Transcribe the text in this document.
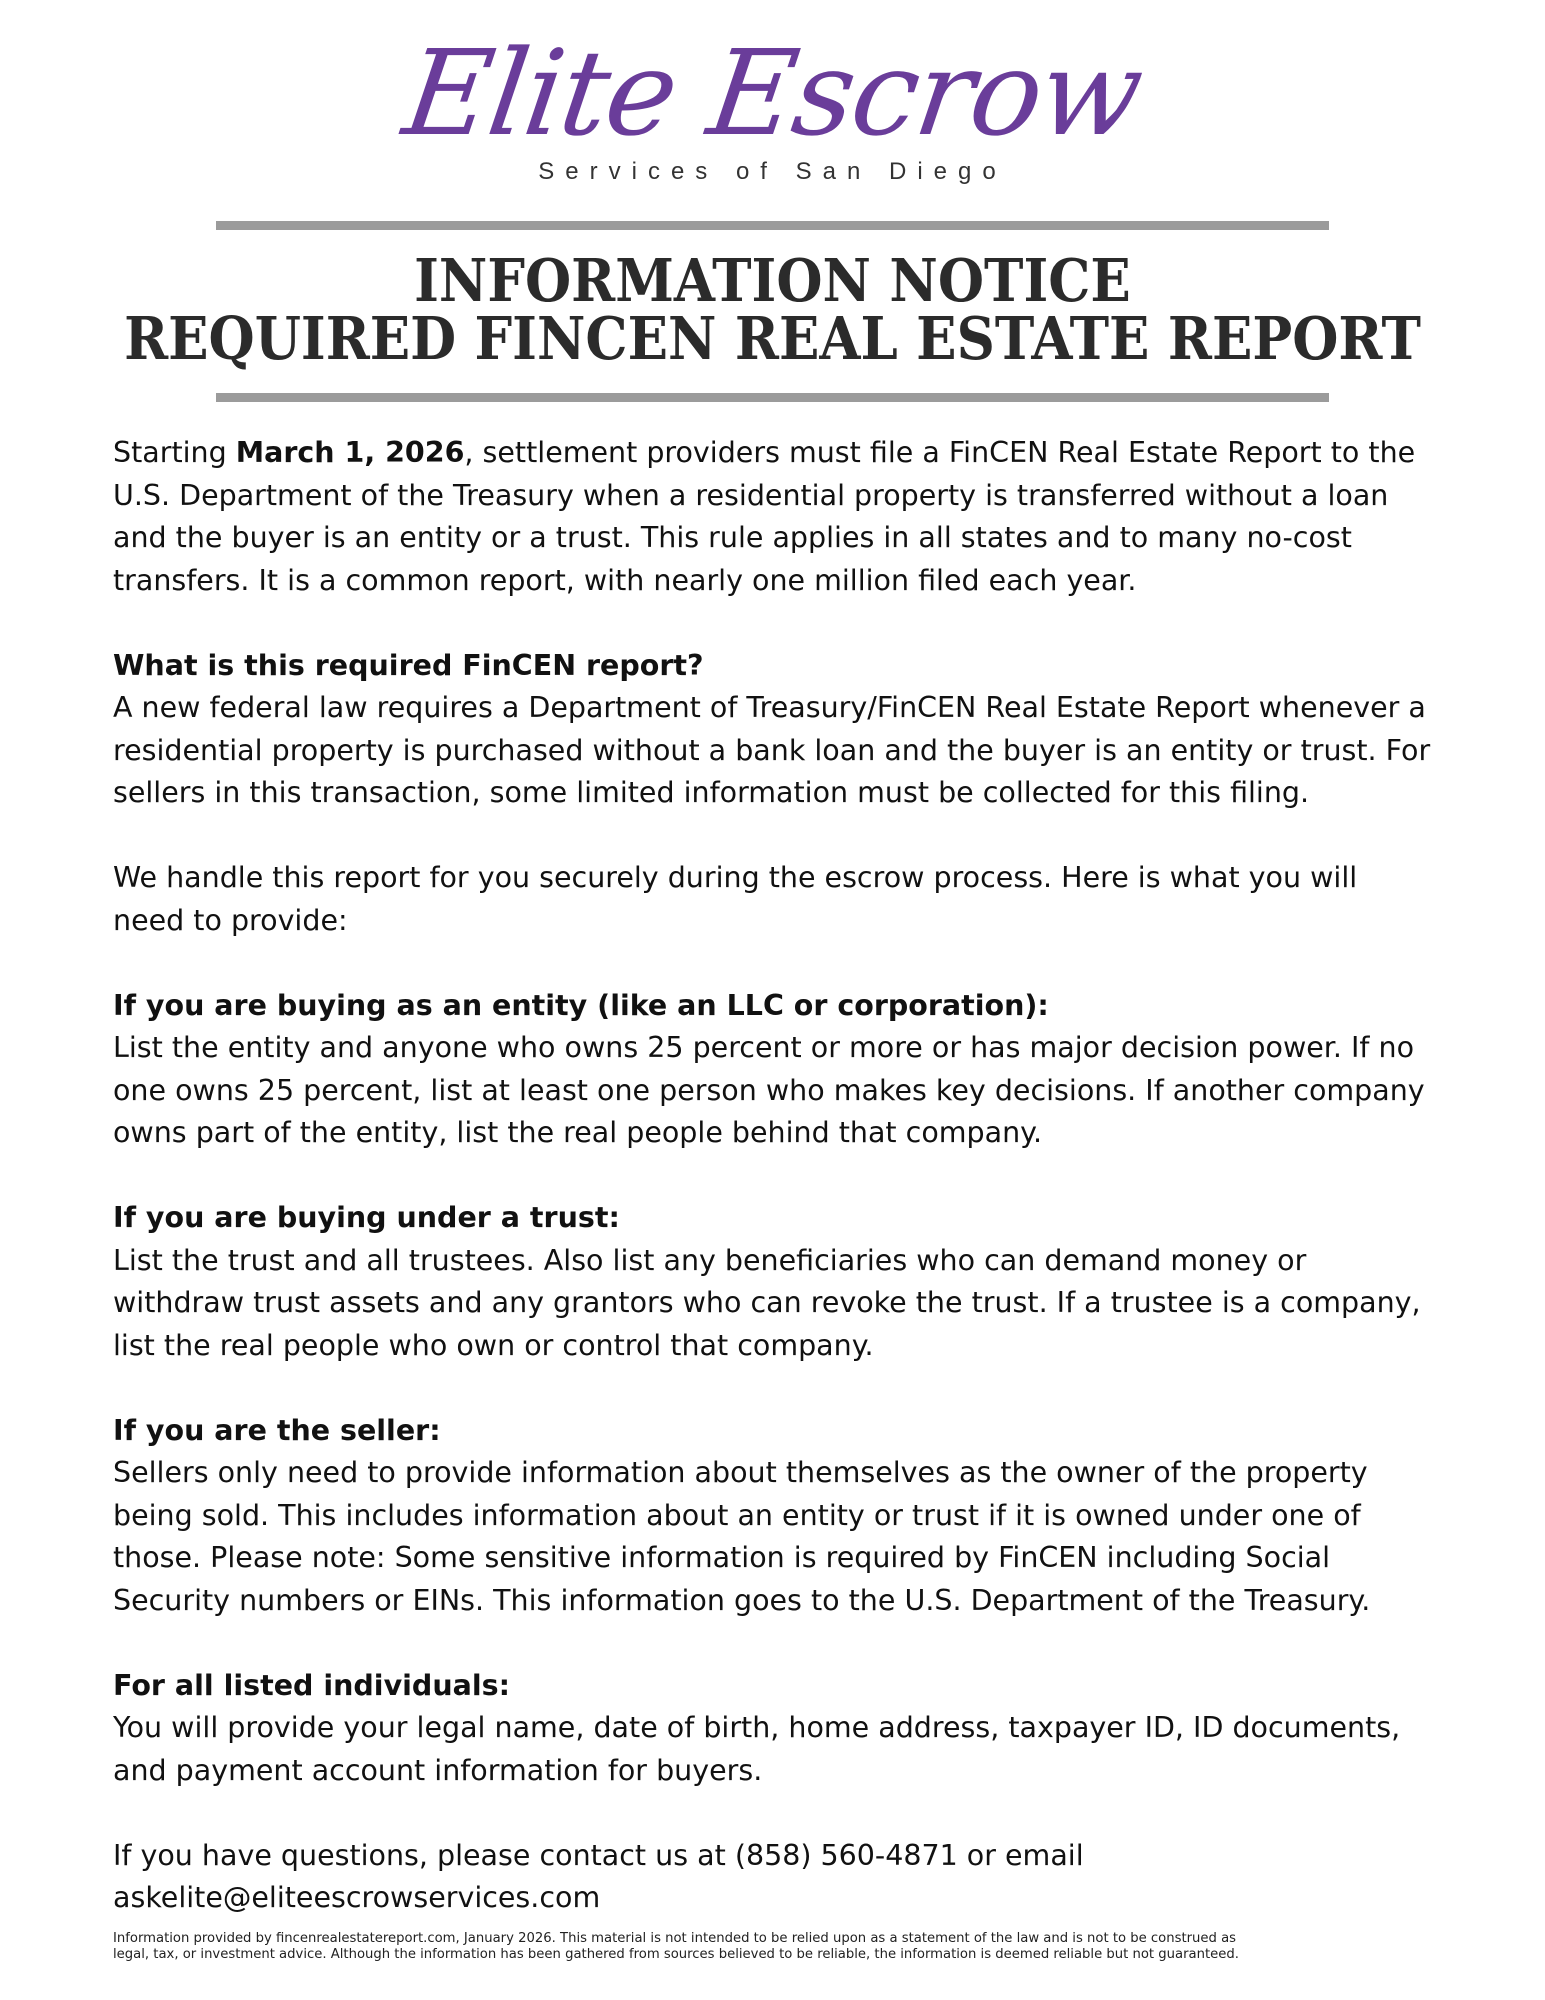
Elite Escrow
Services of San Diego
INFORMATION NOTICE
REQUIRED FINCEN REAL ESTATE REPORT

Starting March 1, 2026, settlement providers must file a FinCEN Real Estate Report to the U.S. Department of the Treasury when a residential property is transferred without a loan and the buyer is an entity or a trust. This rule applies in all states and to many no-cost transfers. It is a common report, with nearly one million filed each year.

What is this required FinCEN report?
A new federal law requires a Department of Treasury/FinCEN Real Estate Report whenever a residential property is purchased without a bank loan and the buyer is an entity or trust. For sellers in this transaction, some limited information must be collected for this filing.

We handle this report for you securely during the escrow process. Here is what you will need to provide:

If you are buying as an entity (like an LLC or corporation):
List the entity and anyone who owns 25 percent or more or has major decision power. If no one owns 25 percent, list at least one person who makes key decisions. If another company owns part of the entity, list the real people behind that company.

If you are buying under a trust:
List the trust and all trustees. Also list any beneficiaries who can demand money or withdraw trust assets and any grantors who can revoke the trust. If a trustee is a company, list the real people who own or control that company.

If you are the seller:
Sellers only need to provide information about themselves as the owner of the property being sold. This includes information about an entity or trust if it is owned under one of those. Please note: Some sensitive information is required by FinCEN including Social Security numbers or EINs. This information goes to the U.S. Department of the Treasury.

For all listed individuals:
You will provide your legal name, date of birth, home address, taxpayer ID, ID documents, and payment account information for buyers.

If you have questions, please contact us at (858) 560-4871 or email
askelite@eliteescrowservices.com

Information provided by fincenrealestatereport.com, January 2026. This material is not intended to be relied upon as a statement of the law and is not to be construed as
legal, tax, or investment advice. Although the information has been gathered from sources believed to be reliable, the information is deemed reliable but not guaranteed.
